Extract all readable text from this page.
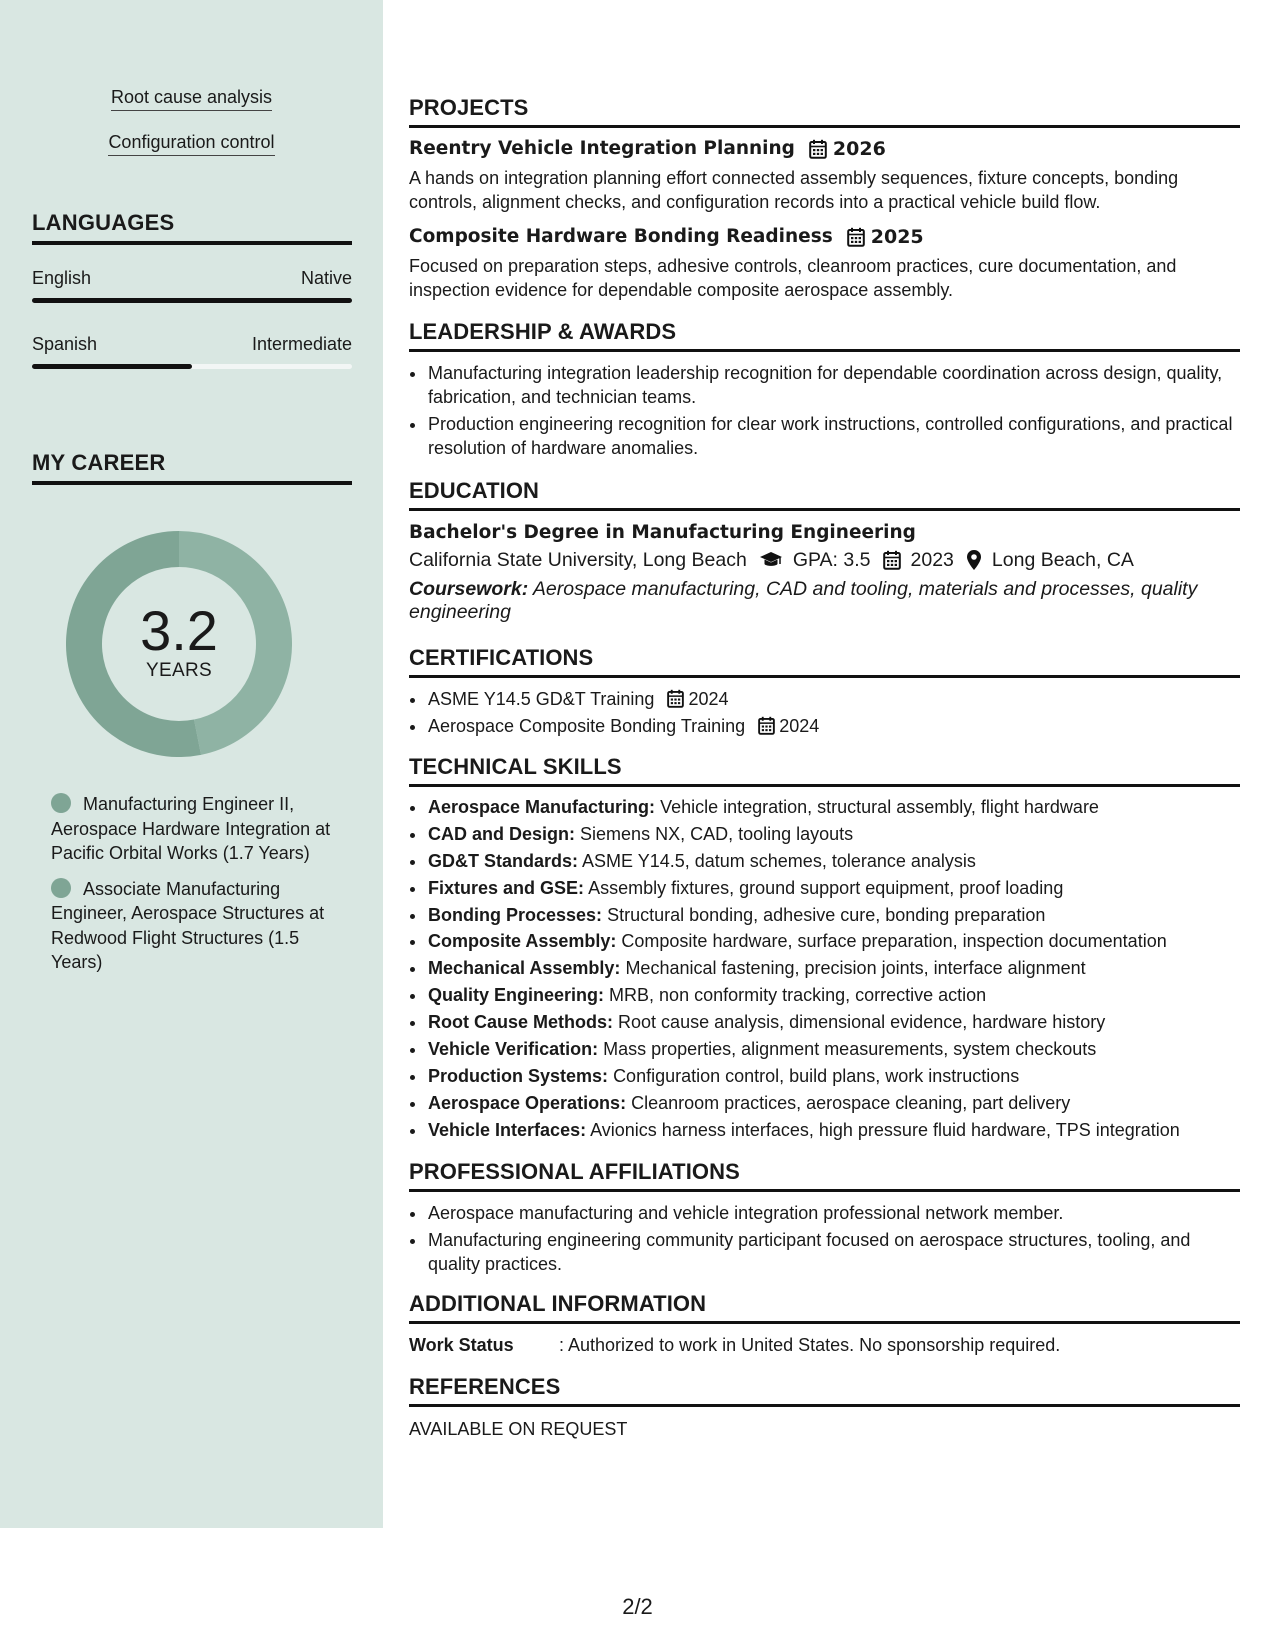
Root cause analysis
Configuration control
LANGUAGES
English	Native
Spanish	Intermediate
MY CAREER
3.2
YEARS
Manufacturing Engineer II, Aerospace Hardware Integration at Pacific Orbital Works (1.7 Years)
Associate Manufacturing Engineer, Aerospace Structures at Redwood Flight Structures (1.5 Years)
PROJECTS
Reentry Vehicle Integration Planning 2026

A hands on integration planning effort connected assembly sequences, fixture concepts, bonding controls, alignment checks, and configuration records into a practical vehicle build flow.

Composite Hardware Bonding Readiness 2025

Focused on preparation steps, adhesive controls, cleanroom practices, cure documentation, and inspection evidence for dependable composite aerospace assembly.

LEADERSHIP & AWARDS
• Manufacturing integration leadership recognition for dependable coordination across design, quality, fabrication, and technician teams.
• Production engineering recognition for clear work instructions, controlled configurations, and practical resolution of hardware anomalies.
EDUCATION
Bachelor's Degree in Manufacturing Engineering
California State University, Long Beach GPA: 3.5 2023 Long Beach, CA
Coursework: Aerospace manufacturing, CAD and tooling, materials and processes, quality engineering
CERTIFICATIONS
• ASME Y14.5 GD&T Training 2024
• Aerospace Composite Bonding Training 2024
TECHNICAL SKILLS
• Aerospace Manufacturing: Vehicle integration, structural assembly, flight hardware
• CAD and Design: Siemens NX, CAD, tooling layouts
• GD&T Standards: ASME Y14.5, datum schemes, tolerance analysis
• Fixtures and GSE: Assembly fixtures, ground support equipment, proof loading
• Bonding Processes: Structural bonding, adhesive cure, bonding preparation
• Composite Assembly: Composite hardware, surface preparation, inspection documentation
• Mechanical Assembly: Mechanical fastening, precision joints, interface alignment
• Quality Engineering: MRB, non conformity tracking, corrective action
• Root Cause Methods: Root cause analysis, dimensional evidence, hardware history
• Vehicle Verification: Mass properties, alignment measurements, system checkouts
• Production Systems: Configuration control, build plans, work instructions
• Aerospace Operations: Cleanroom practices, aerospace cleaning, part delivery
• Vehicle Interfaces: Avionics harness interfaces, high pressure fluid hardware, TPS integration
PROFESSIONAL AFFILIATIONS
• Aerospace manufacturing and vehicle integration professional network member.
• Manufacturing engineering community participant focused on aerospace structures, tooling, and quality practices.
ADDITIONAL INFORMATION
Work Status	: Authorized to work in United States. No sponsorship required.
REFERENCES
AVAILABLE ON REQUEST
2/2
